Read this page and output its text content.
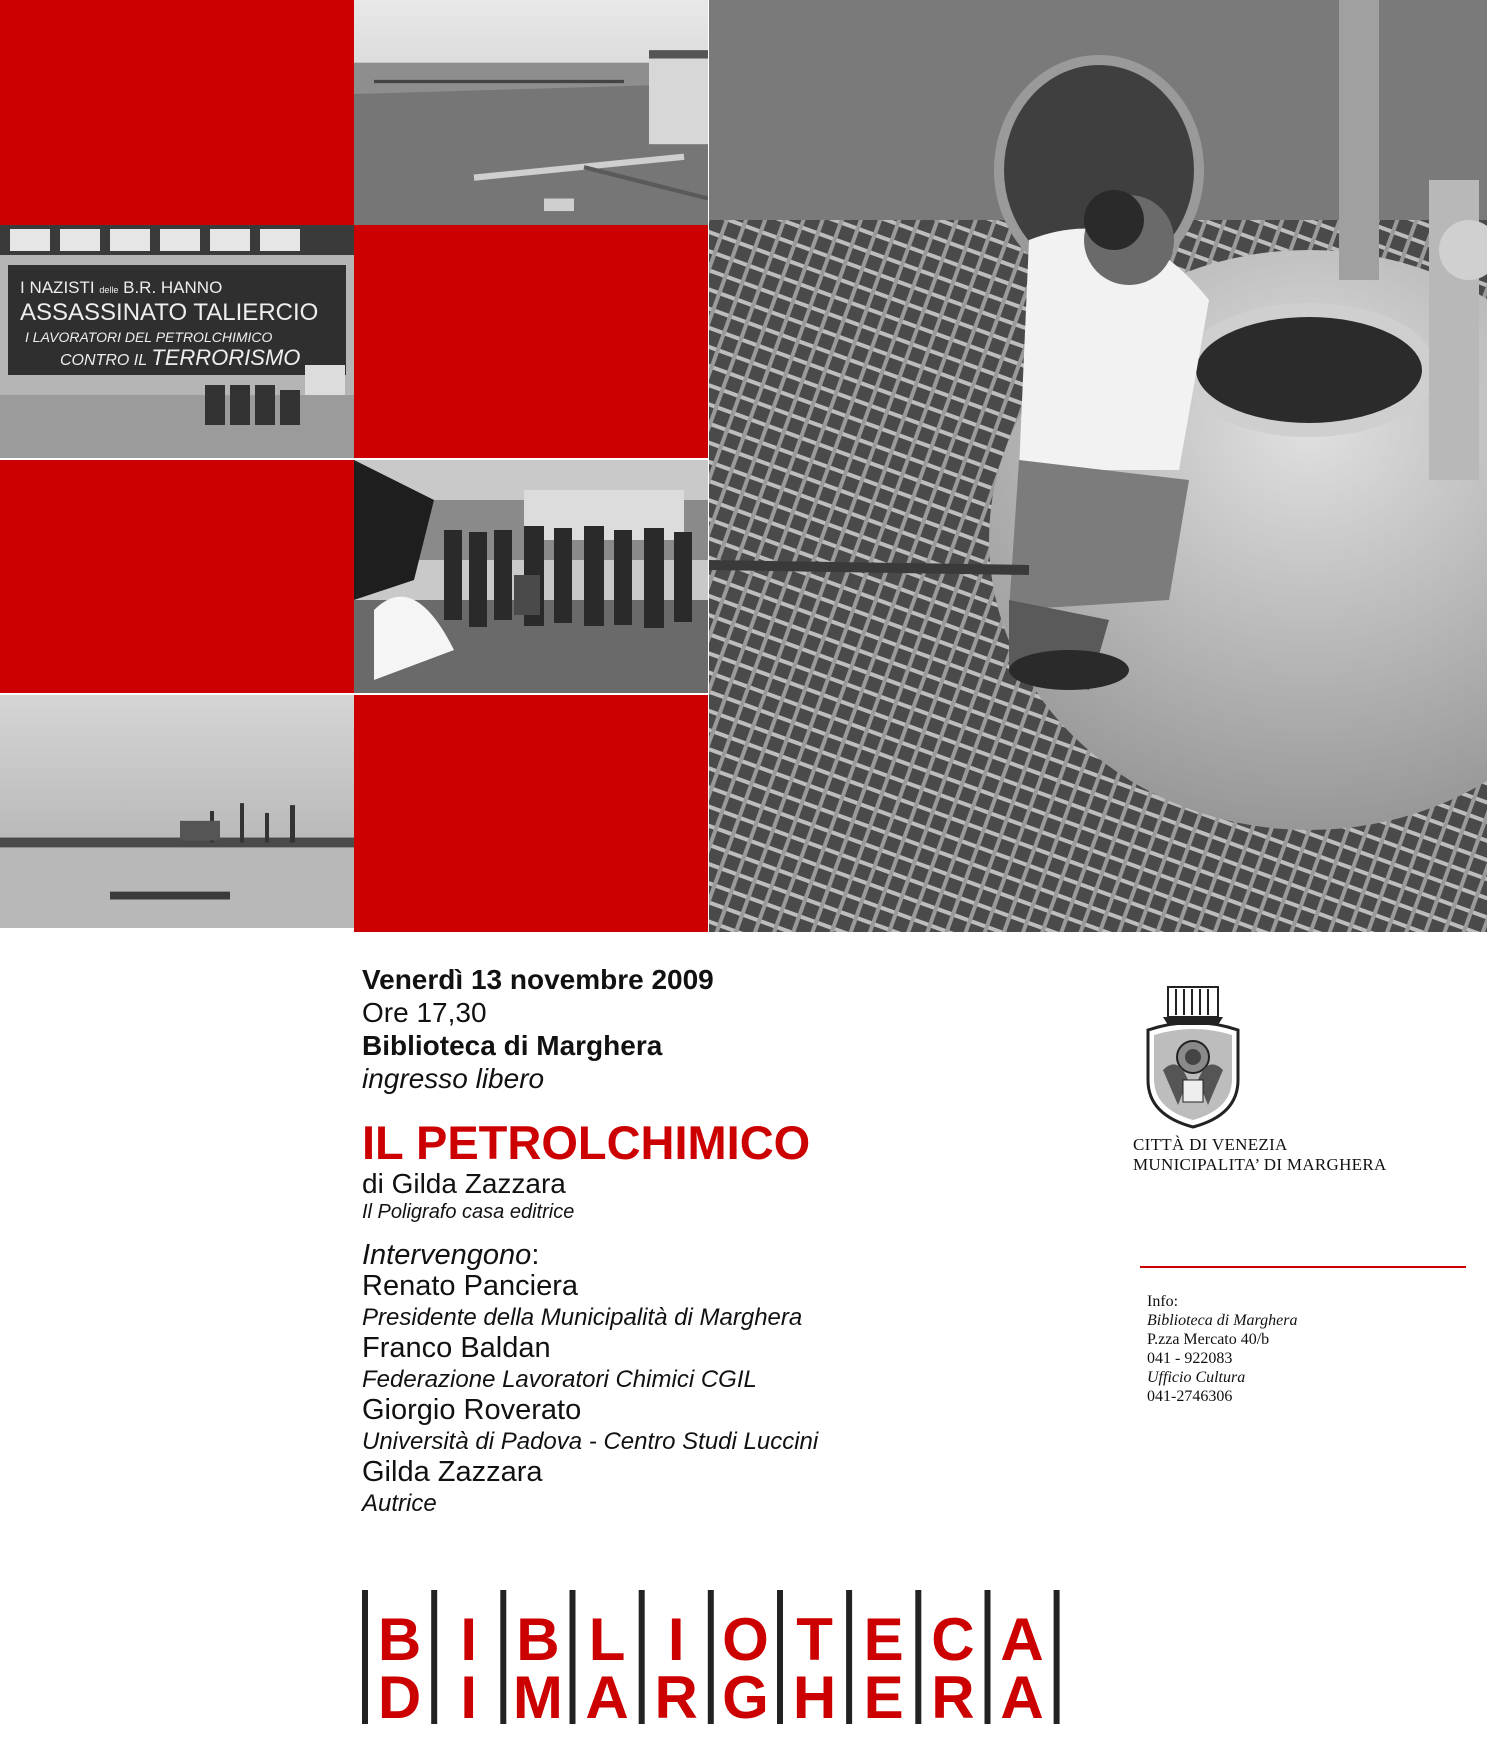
I NAZISTI delle B.R. HANNO
ASSASSINATO TALIERCIO
I LAVORATORI DEL PETROLCHIMICO
CONTRO IL TERRORISMO
Venerdì 13 novembre 2009
Ore 17,30
Biblioteca di Marghera
ingresso libero
IL PETROLCHIMICO
di Gilda Zazzara
Il Poligrafo casa editrice
Intervengono:
Renato Panciera
Presidente della Municipalità di Marghera
Franco Baldan
Federazione Lavoratori Chimici CGIL
Giorgio Roverato
Università di Padova - Centro Studi Luccini
Gilda Zazzara
Autrice
CITTÀ DI VENEZIA
MUNICIPALITA’ DI MARGHERA
Info:
Biblioteca di Marghera
P.zza Mercato 40/b
041 - 922083
Ufficio Cultura
041-2746306
B I B L I O T E C A
D I M A R G H E R A
